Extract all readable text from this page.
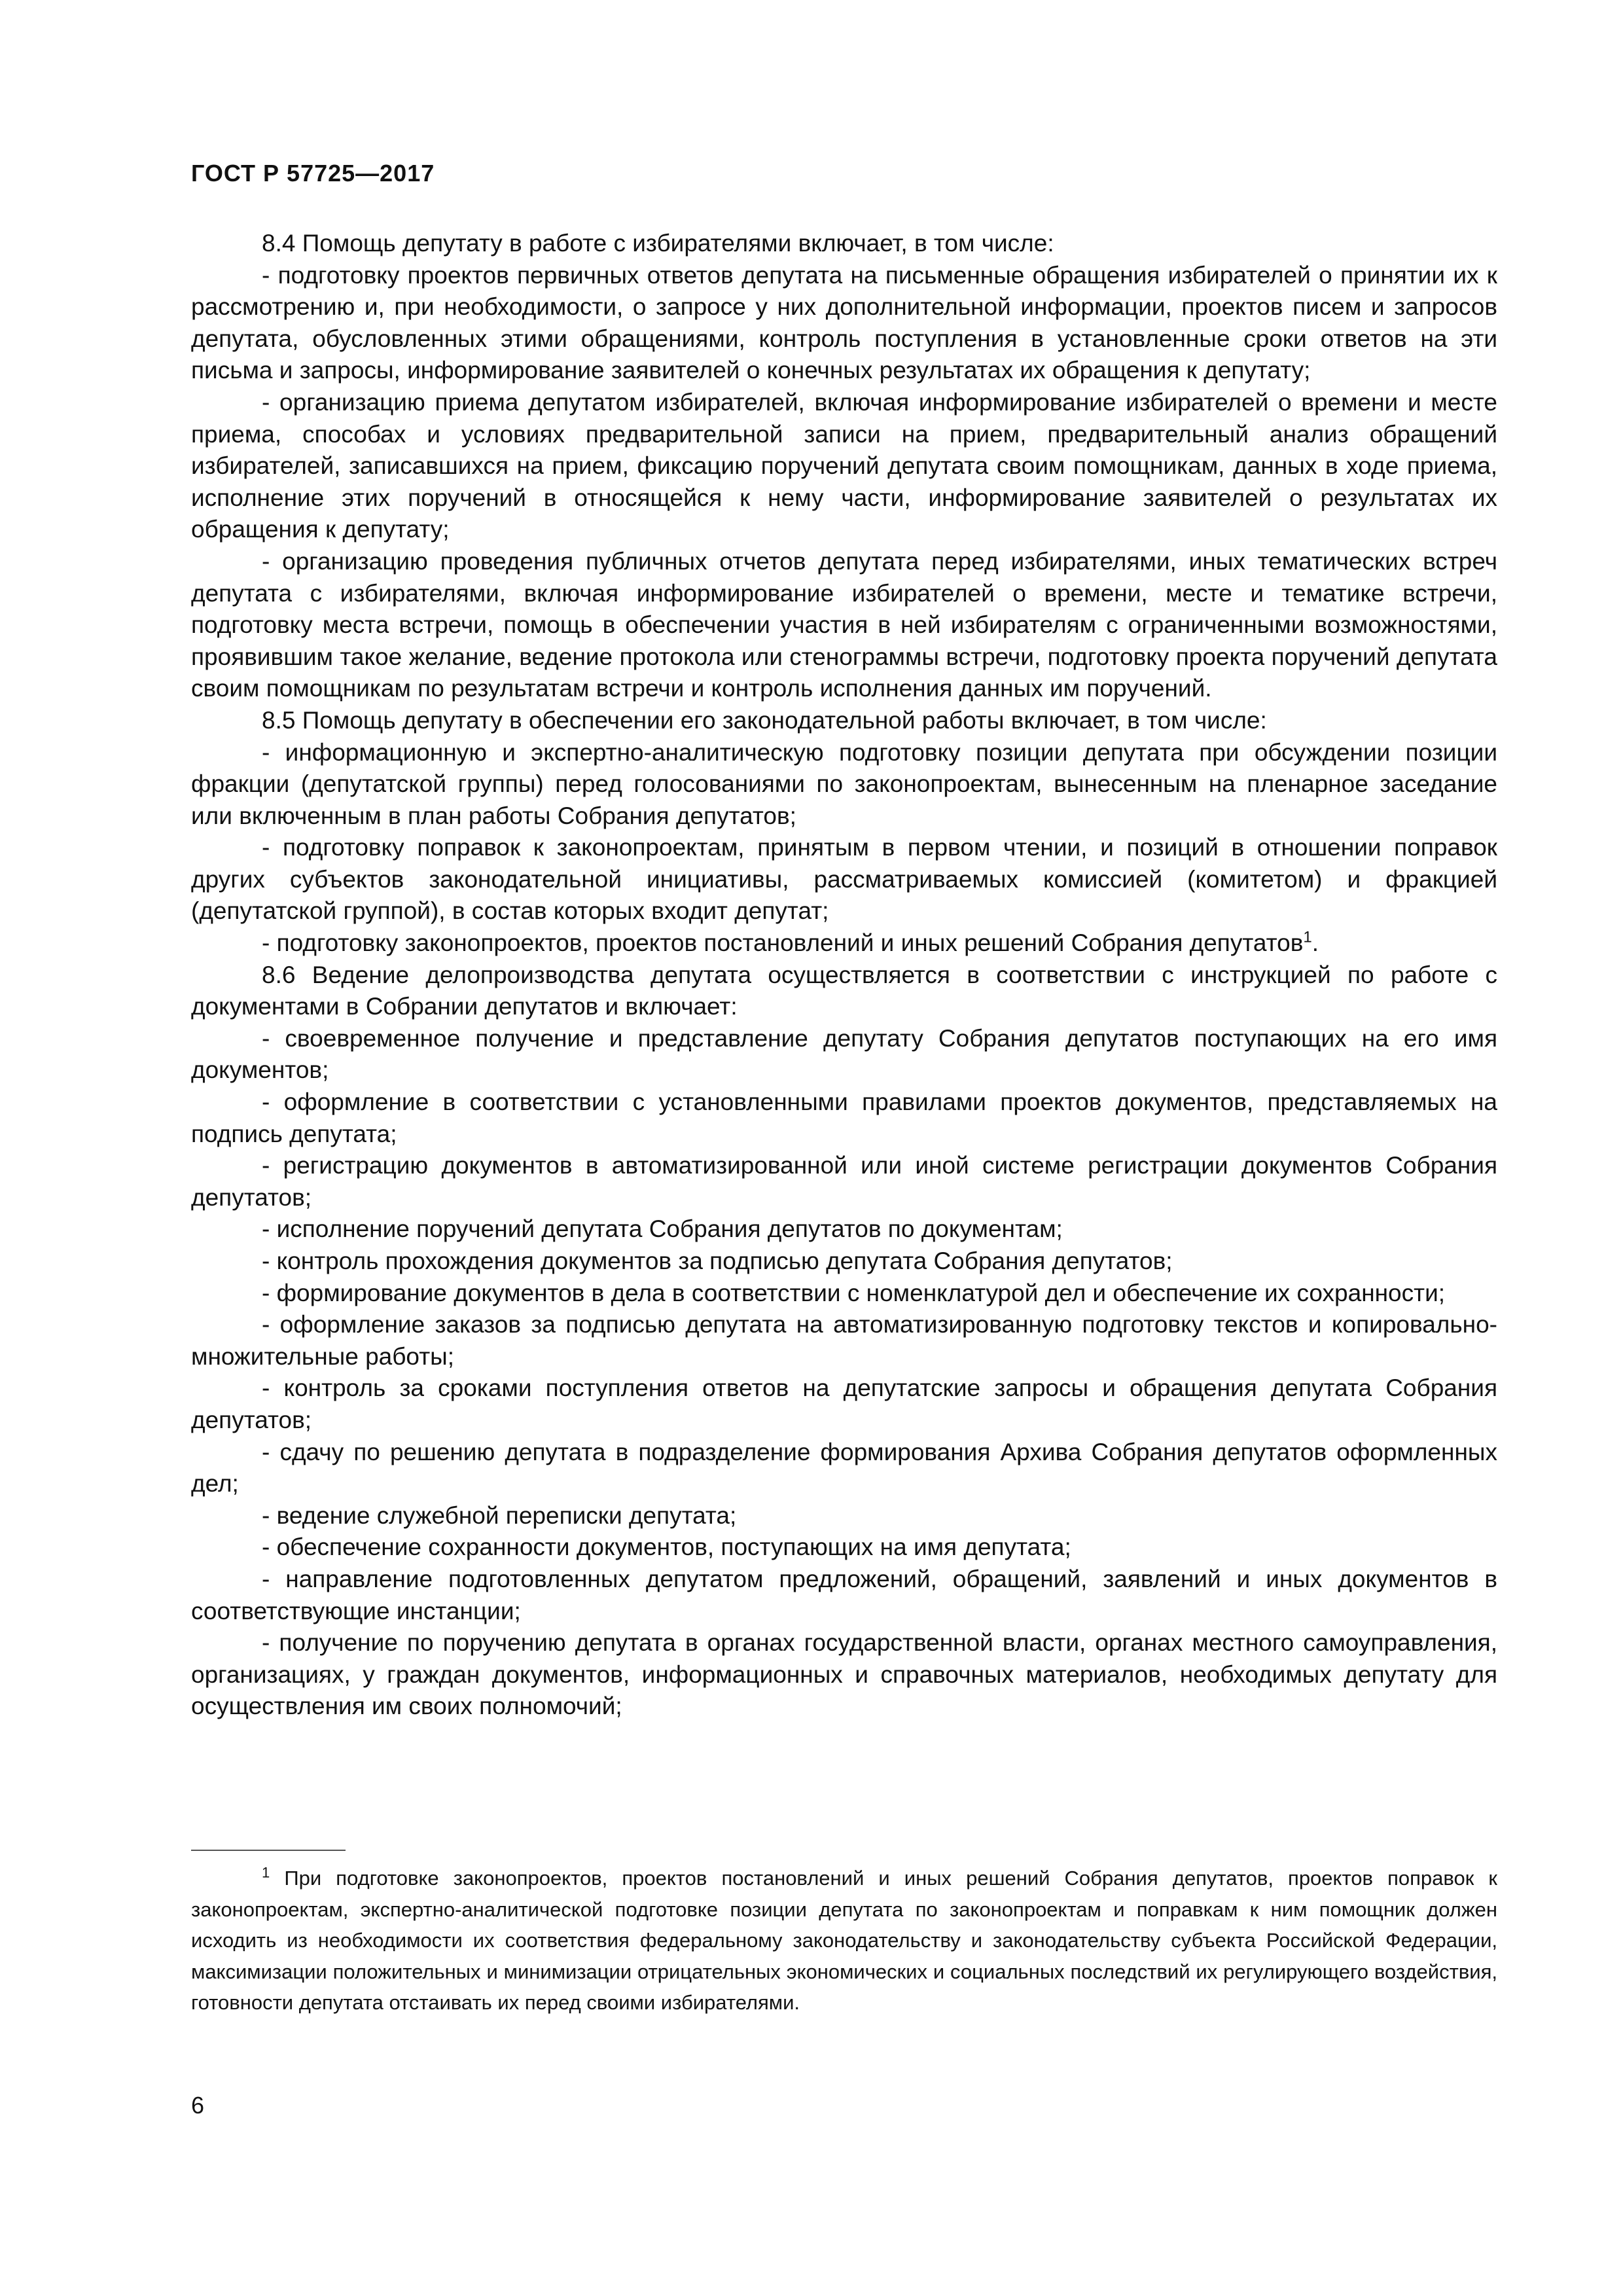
ГОСТ Р 57725—2017

8.4 Помощь депутату в работе с избирателями включает, в том числе:

- подготовку проектов первичных ответов депутата на письменные обращения избирателей о принятии их к рассмотрению и, при необходимости, о запросе у них дополнительной информации, проектов писем и запросов депутата, обусловленных этими обращениями, контроль поступления в установленные сроки ответов на эти письма и запросы, информирование заявителей о конечных результатах их обращения к депутату;

- организацию приема депутатом избирателей, включая информирование избирателей о времени и месте приема, способах и условиях предварительной записи на прием, предварительный анализ обращений избирателей, записавшихся на прием, фиксацию поручений депутата своим помощникам, данных в ходе приема, исполнение этих поручений в относящейся к нему части, информирование заявителей о результатах их обращения к депутату;

- организацию проведения публичных отчетов депутата перед избирателями, иных тематических встреч депутата с избирателями, включая информирование избирателей о времени, месте и тематике встречи, подготовку места встречи, помощь в обеспечении участия в ней избирателям с ограниченными возможностями, проявившим такое желание, ведение протокола или стенограммы встречи, подготовку проекта поручений депутата своим помощникам по результатам встречи и контроль исполнения данных им поручений.

8.5 Помощь депутату в обеспечении его законодательной работы включает, в том числе:

- информационную и экспертно-аналитическую подготовку позиции депутата при обсуждении позиции фракции (депутатской группы) перед голосованиями по законопроектам, вынесенным на пленарное заседание или включенным в план работы Собрания депутатов;

- подготовку поправок к законопроектам, принятым в первом чтении, и позиций в отношении поправок других субъектов законодательной инициативы, рассматриваемых комиссией (комитетом) и фракцией (депутатской группой), в состав которых входит депутат;

- подготовку законопроектов, проектов постановлений и иных решений Собрания депутатов$^1$.

8.6 Ведение делопроизводства депутата осуществляется в соответствии с инструкцией по работе с документами в Собрании депутатов и включает:

- своевременное получение и представление депутату Собрания депутатов поступающих на его имя документов;

- оформление в соответствии с установленными правилами проектов документов, представляемых на подпись депутата;

- регистрацию документов в автоматизированной или иной системе регистрации документов Собрания депутатов;

- исполнение поручений депутата Собрания депутатов по документам;

- контроль прохождения документов за подписью депутата Собрания депутатов;

- формирование документов в дела в соответствии с номенклатурой дел и обеспечение их сохранности;

- оформление заказов за подписью депутата на автоматизированную подготовку текстов и копировально-множительные работы;

- контроль за сроками поступления ответов на депутатские запросы и обращения депутата Собрания депутатов;

- сдачу по решению депутата в подразделение формирования Архива Собрания депутатов оформленных дел;

- ведение служебной переписки депутата;

- обеспечение сохранности документов, поступающих на имя депутата;

- направление подготовленных депутатом предложений, обращений, заявлений и иных документов в соответствующие инстанции;

- получение по поручению депутата в органах государственной власти, органах местного самоуправления, организациях, у граждан документов, информационных и справочных материалов, необходимых депутату для осуществления им своих полномочий;

$^1$ При подготовке законопроектов, проектов постановлений и иных решений Собрания депутатов, проектов поправок к законопроектам, экспертно-аналитической подготовке позиции депутата по законопроектам и поправкам к ним помощник должен исходить из необходимости их соответствия федеральному законодательству и законодательству субъекта Российской Федерации, максимизации положительных и минимизации отрицательных экономических и социальных последствий их регулирующего воздействия, готовности депутата отстаивать их перед своими избирателями.
6
